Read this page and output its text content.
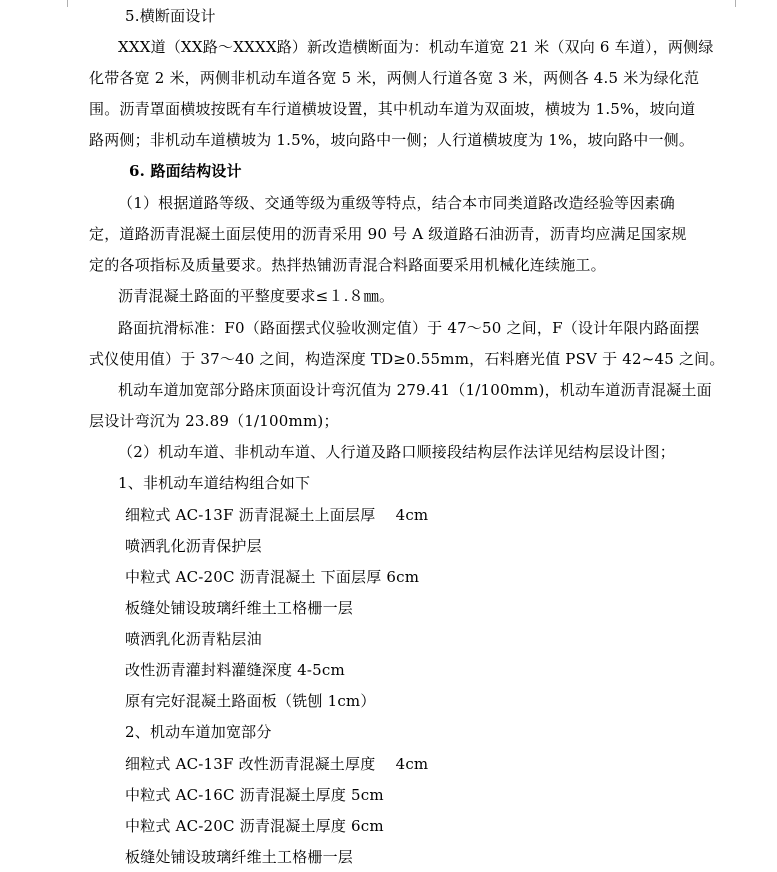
5.横断面设计
XXX道（XX路～XXXX路）新改造横断面为：机动车道宽 21 米（双向 6 车道），两侧绿
化带各宽 2 米，两侧非机动车道各宽 5 米，两侧人行道各宽 3 米，两侧各 4.5 米为绿化范
围。沥青罩面横坡按既有车行道横坡设置，其中机动车道为双面坡，横坡为 1.5%，坡向道
路两侧；非机动车道横坡为 1.5%，坡向路中一侧；人行道横坡度为 1%，坡向路中一侧。
6. 路面结构设计
（1）根据道路等级、交通等级为重级等特点，结合本市同类道路改造经验等因素确
定，道路沥青混凝土面层使用的沥青采用 90 号 A 级道路石油沥青，沥青均应满足国家规
定的各项指标及质量要求。热拌热铺沥青混合料路面要采用机械化连续施工。
沥青混凝土路面的平整度要求≤１.８㎜。
路面抗滑标准：F0（路面摆式仪验收测定值）于 47～50 之间，F（设计年限内路面摆
式仪使用值）于 37～40 之间，构造深度 TD≥0.55mm，石料磨光值 PSV 于 42~45 之间。
机动车道加宽部分路床顶面设计弯沉值为 279.41（1/100mm)，机动车道沥青混凝土面
层设计弯沉为 23.89（1/100mm)；
（2）机动车道、非机动车道、人行道及路口顺接段结构层作法详见结构层设计图；
1、非机动车道结构组合如下
细粒式 AC-13F 沥青混凝土上面层厚　 4cm
喷洒乳化沥青保护层
中粒式 AC-20C 沥青混凝土 下面层厚 6cm
板缝处铺设玻璃纤维土工格栅一层
喷洒乳化沥青粘层油
改性沥青灌封料灌缝深度 4-5cm
原有完好混凝土路面板（铣刨 1cm）
2、机动车道加宽部分
细粒式 AC-13F 改性沥青混凝土厚度　 4cm
中粒式 AC-16C 沥青混凝土厚度 5cm
中粒式 AC-20C 沥青混凝土厚度 6cm
板缝处铺设玻璃纤维土工格栅一层
